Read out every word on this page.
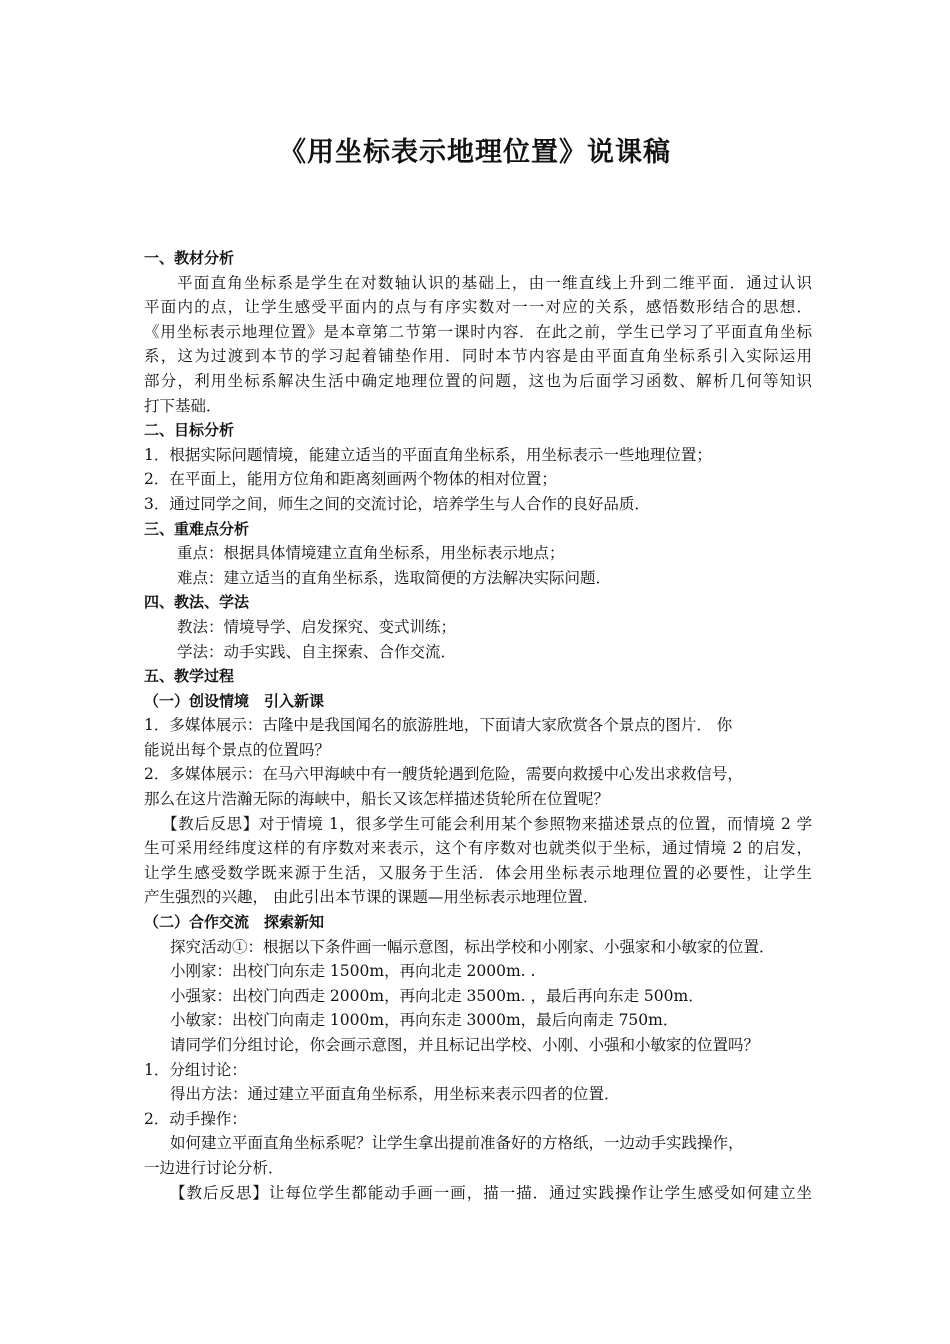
《用坐标表示地理位置》说课稿
一、教材分析
平面直角坐标系是学生在对数轴认识的基础上，由一维直线上升到二维平面．通过认识
平面内的点，让学生感受平面内的点与有序实数对一一对应的关系，感悟数形结合的思想．
《用坐标表示地理位置》是本章第二节第一课时内容．在此之前，学生已学习了平面直角坐标
系，这为过渡到本节的学习起着铺垫作用．同时本节内容是由平面直角坐标系引入实际运用
部分，利用坐标系解决生活中确定地理位置的问题，这也为后面学习函数、解析几何等知识
打下基础．
二、目标分析
1．根据实际问题情境，能建立适当的平面直角坐标系，用坐标表示一些地理位置；
2．在平面上，能用方位角和距离刻画两个物体的相对位置；
3．通过同学之间，师生之间的交流讨论，培养学生与人合作的良好品质．
三、重难点分析
重点：根据具体情境建立直角坐标系，用坐标表示地点；
难点：建立适当的直角坐标系，选取简便的方法解决实际问题．
四、教法、学法
教法：情境导学、启发探究、变式训练；
学法：动手实践、自主探索、合作交流．
五、教学过程
（一）创设情境　引入新课
1．多媒体展示：古隆中是我国闻名的旅游胜地，下面请大家欣赏各个景点的图片． 你
能说出每个景点的位置吗？
2．多媒体展示：在马六甲海峡中有一艘货轮遇到危险，需要向救援中心发出求救信号，
那么在这片浩瀚无际的海峡中，船长又该怎样描述货轮所在位置呢？
【教后反思】对于情境 1，很多学生可能会利用某个参照物来描述景点的位置，而情境 2 学
生可采用经纬度这样的有序数对来表示，这个有序数对也就类似于坐标，通过情境 2 的启发，
让学生感受数学既来源于生活，又服务于生活．体会用坐标表示地理位置的必要性，让学生
产生强烈的兴趣， 由此引出本节课的课题—用坐标表示地理位置．
（二）合作交流　探索新知
探究活动①：根据以下条件画一幅示意图，标出学校和小刚家、小强家和小敏家的位置．
小刚家：出校门向东走 1500m，再向北走 2000m. .
小强家：出校门向西走 2000m，再向北走 3500m. ，最后再向东走 500m．
小敏家：出校门向南走 1000m，再向东走 3000m，最后向南走 750m．
请同学们分组讨论，你会画示意图，并且标记出学校、小刚、小强和小敏家的位置吗？
1．分组讨论：
得出方法：通过建立平面直角坐标系，用坐标来表示四者的位置．
2．动手操作：
如何建立平面直角坐标系呢？让学生拿出提前准备好的方格纸，一边动手实践操作，
一边进行讨论分析．
【教后反思】让每位学生都能动手画一画，描一描．通过实践操作让学生感受如何建立坐
